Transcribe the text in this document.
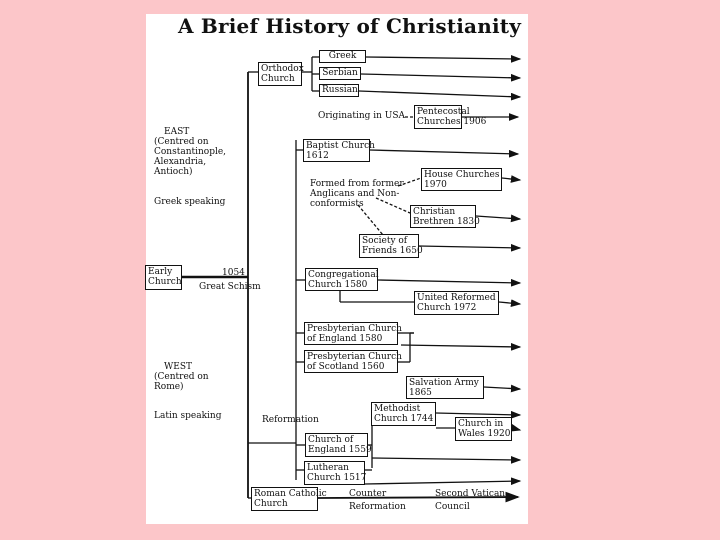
A Brief History of Christianity
EAST
(Centred on
Constantinople,
Alexandria,
Antioch)
Greek speaking
WEST
(Centred on
Rome)
Latin speaking
1054
Great Schism
Reformation
Originating in USA
Formed from former
Anglicans and Non-
conformists
Counter
Reformation
Second Vatican
Council
Early
Church
Orthodox
Church
Greek
Serbian
Russian
Pentecostal
Churches 1906
Baptist Church
1612
House Churches
1970
Christian
Brethren 1830
Society of
Friends 1650
Congregational
Church 1580
United Reformed
Church 1972
Presbyterian Church
of England 1580
Presbyterian Church
of Scotland 1560
Salvation Army
1865
Methodist
Church 1744	Church in
Wales 1920
Church of
England 1559
Lutheran
Church 1517
Roman Catholic
Church
